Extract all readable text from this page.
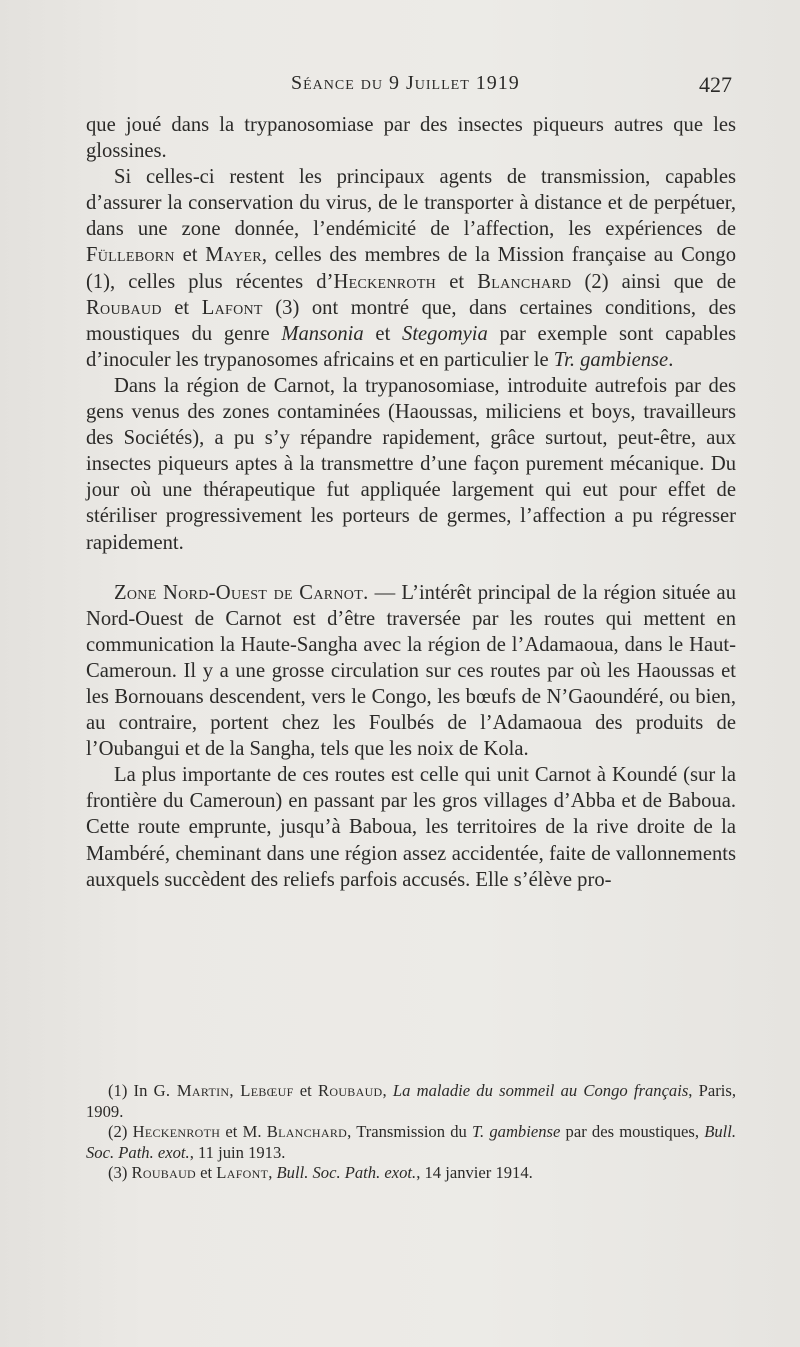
Séance du 9 Juillet 1919	427

que joué dans la trypanosomiase par des insectes piqueurs autres que les glossines.

Si celles-ci restent les principaux agents de transmission, capables d’assurer la conservation du virus, de le transporter à distance et de perpétuer, dans une zone donnée, l’endémicité de l’affection, les expériences de Fülleborn et Mayer, celles des membres de la Mission française au Congo (1), celles plus récentes d’Heckenroth et Blanchard (2) ainsi que de Roubaud et Lafont (3) ont montré que, dans certaines conditions, des moustiques du genre Mansonia et Stegomyia par exemple sont capables d’inoculer les trypanosomes africains et en particulier le Tr. gambiense.

Dans la région de Carnot, la trypanosomiase, introduite autrefois par des gens venus des zones contaminées (Haoussas, miliciens et boys, travailleurs des Sociétés), a pu s’y répandre rapidement, grâce surtout, peut-être, aux insectes piqueurs aptes à la transmettre d’une façon purement mécanique. Du jour où une thérapeutique fut appliquée largement qui eut pour effet de stériliser progressivement les porteurs de germes, l’affection a pu régresser rapidement.

Zone Nord-Ouest de Carnot. — L’intérêt principal de la région située au Nord-Ouest de Carnot est d’être traversée par les routes qui mettent en communication la Haute-Sangha avec la région de l’Adamaoua, dans le Haut-Cameroun. Il y a une grosse circulation sur ces routes par où les Haoussas et les Bornouans descendent, vers le Congo, les bœufs de N’Gaoundéré, ou bien, au contraire, portent chez les Foulbés de l’Adamaoua des produits de l’Oubangui et de la Sangha, tels que les noix de Kola.

La plus importante de ces routes est celle qui unit Carnot à Koundé (sur la frontière du Cameroun) en passant par les gros villages d’Abba et de Baboua. Cette route emprunte, jusqu’à Baboua, les territoires de la rive droite de la Mambéré, cheminant dans une région assez accidentée, faite de vallonnements auxquels succèdent des reliefs parfois accusés. Elle s’élève pro-

(1) In G. Martin, Lebœuf et Roubaud, La maladie du sommeil au Congo français, Paris, 1909.

(2) Heckenroth et M. Blanchard, Transmission du T. gambiense par des moustiques, Bull. Soc. Path. exot., 11 juin 1913.

(3) Roubaud et Lafont, Bull. Soc. Path. exot., 14 janvier 1914.
